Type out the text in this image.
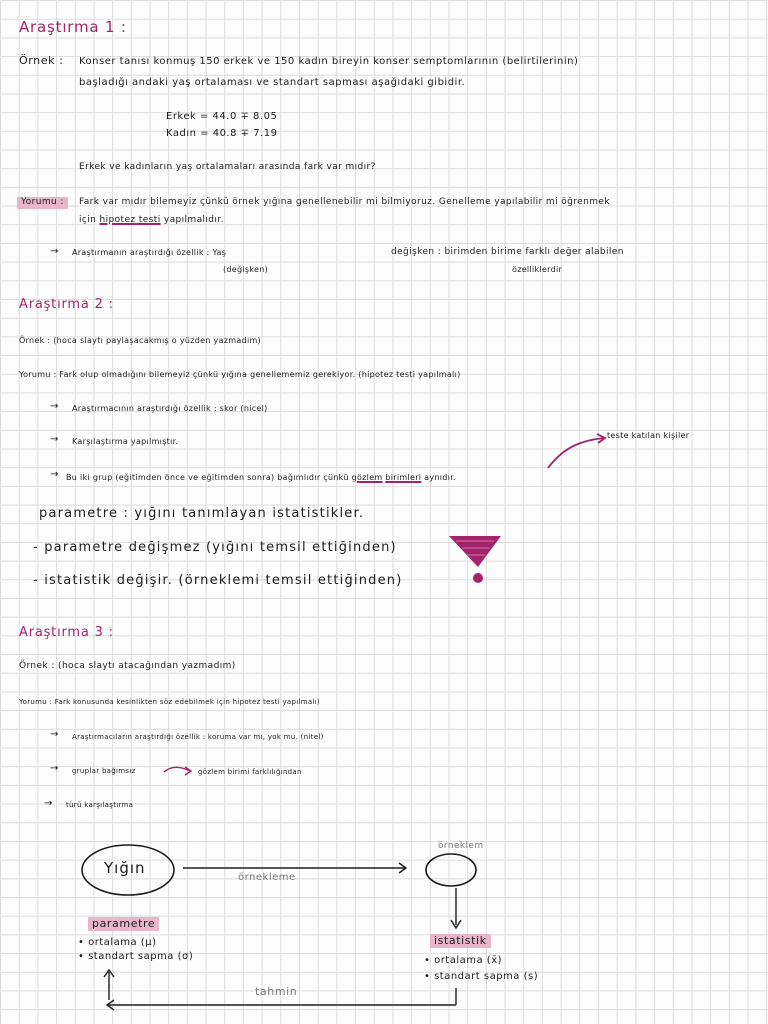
Araştırma 1 :
Örnek : Konser tanısı konmuş 150 erkek ve 150 kadın bireyin konser semptomlarının (belirtilerinin)
başladığı andaki yaş ortalaması ve standart sapması aşağıdaki gibidir.
Erkek = 44.0 ∓ 8.05
Kadın = 40.8 ∓ 7.19
Erkek ve kadınların yaş ortalamaları arasında fark var mıdır?
Yorumu :	Fark var mıdır bilemeyiz çünkü örnek yığına genellenebilir mi bilmiyoruz. Genelleme yapılabilir mi öğrenmek
için hipotez testi yapılmalıdır.
→ Araştırmanın araştırdığı özellik : Yaş
(değişken)
değişken : birimden birime farklı değer alabilen
özelliklerdir
Araştırma 2 :
Örnek : (hoca slaytı paylaşacakmış o yüzden yazmadım)
Yorumu : Fark olup olmadığını bilemeyiz çünkü yığına genellememiz gerekiyor. (hipotez testi yapılmalı)
→ Araştırmacının araştırdığı özellik : skor (nicel)
→ Karşılaştırma yapılmıştır.
teste katılan kişiler
→ Bu iki grup (eğitimden önce ve eğitimden sonra) bağımlıdır çünkü gözlem birimleri aynıdır.
parametre : yığını tanımlayan istatistikler.
- parametre değişmez (yığını temsil ettiğinden)
- istatistik değişir. (örneklemi temsil ettiğinden)
Araştırma 3 :
Örnek : (hoca slaytı atacağından yazmadım)
Yorumu : Fark konusunda kesinlikten söz edebilmek için hipotez testi yapılmalı)
→ Araştırmacıların araştırdığı özellik : koruma var mı, yok mu. (nitel)
→ gruplar bağımsız	gözlem birimi farklılığından
→ türü karşılaştırma
Yığın
örneklem
örnekleme
tahmin
parametre
• ortalama (μ)
• standart sapma (σ)
istatistik
• ortalama (x̄)
• standart sapma (s)
